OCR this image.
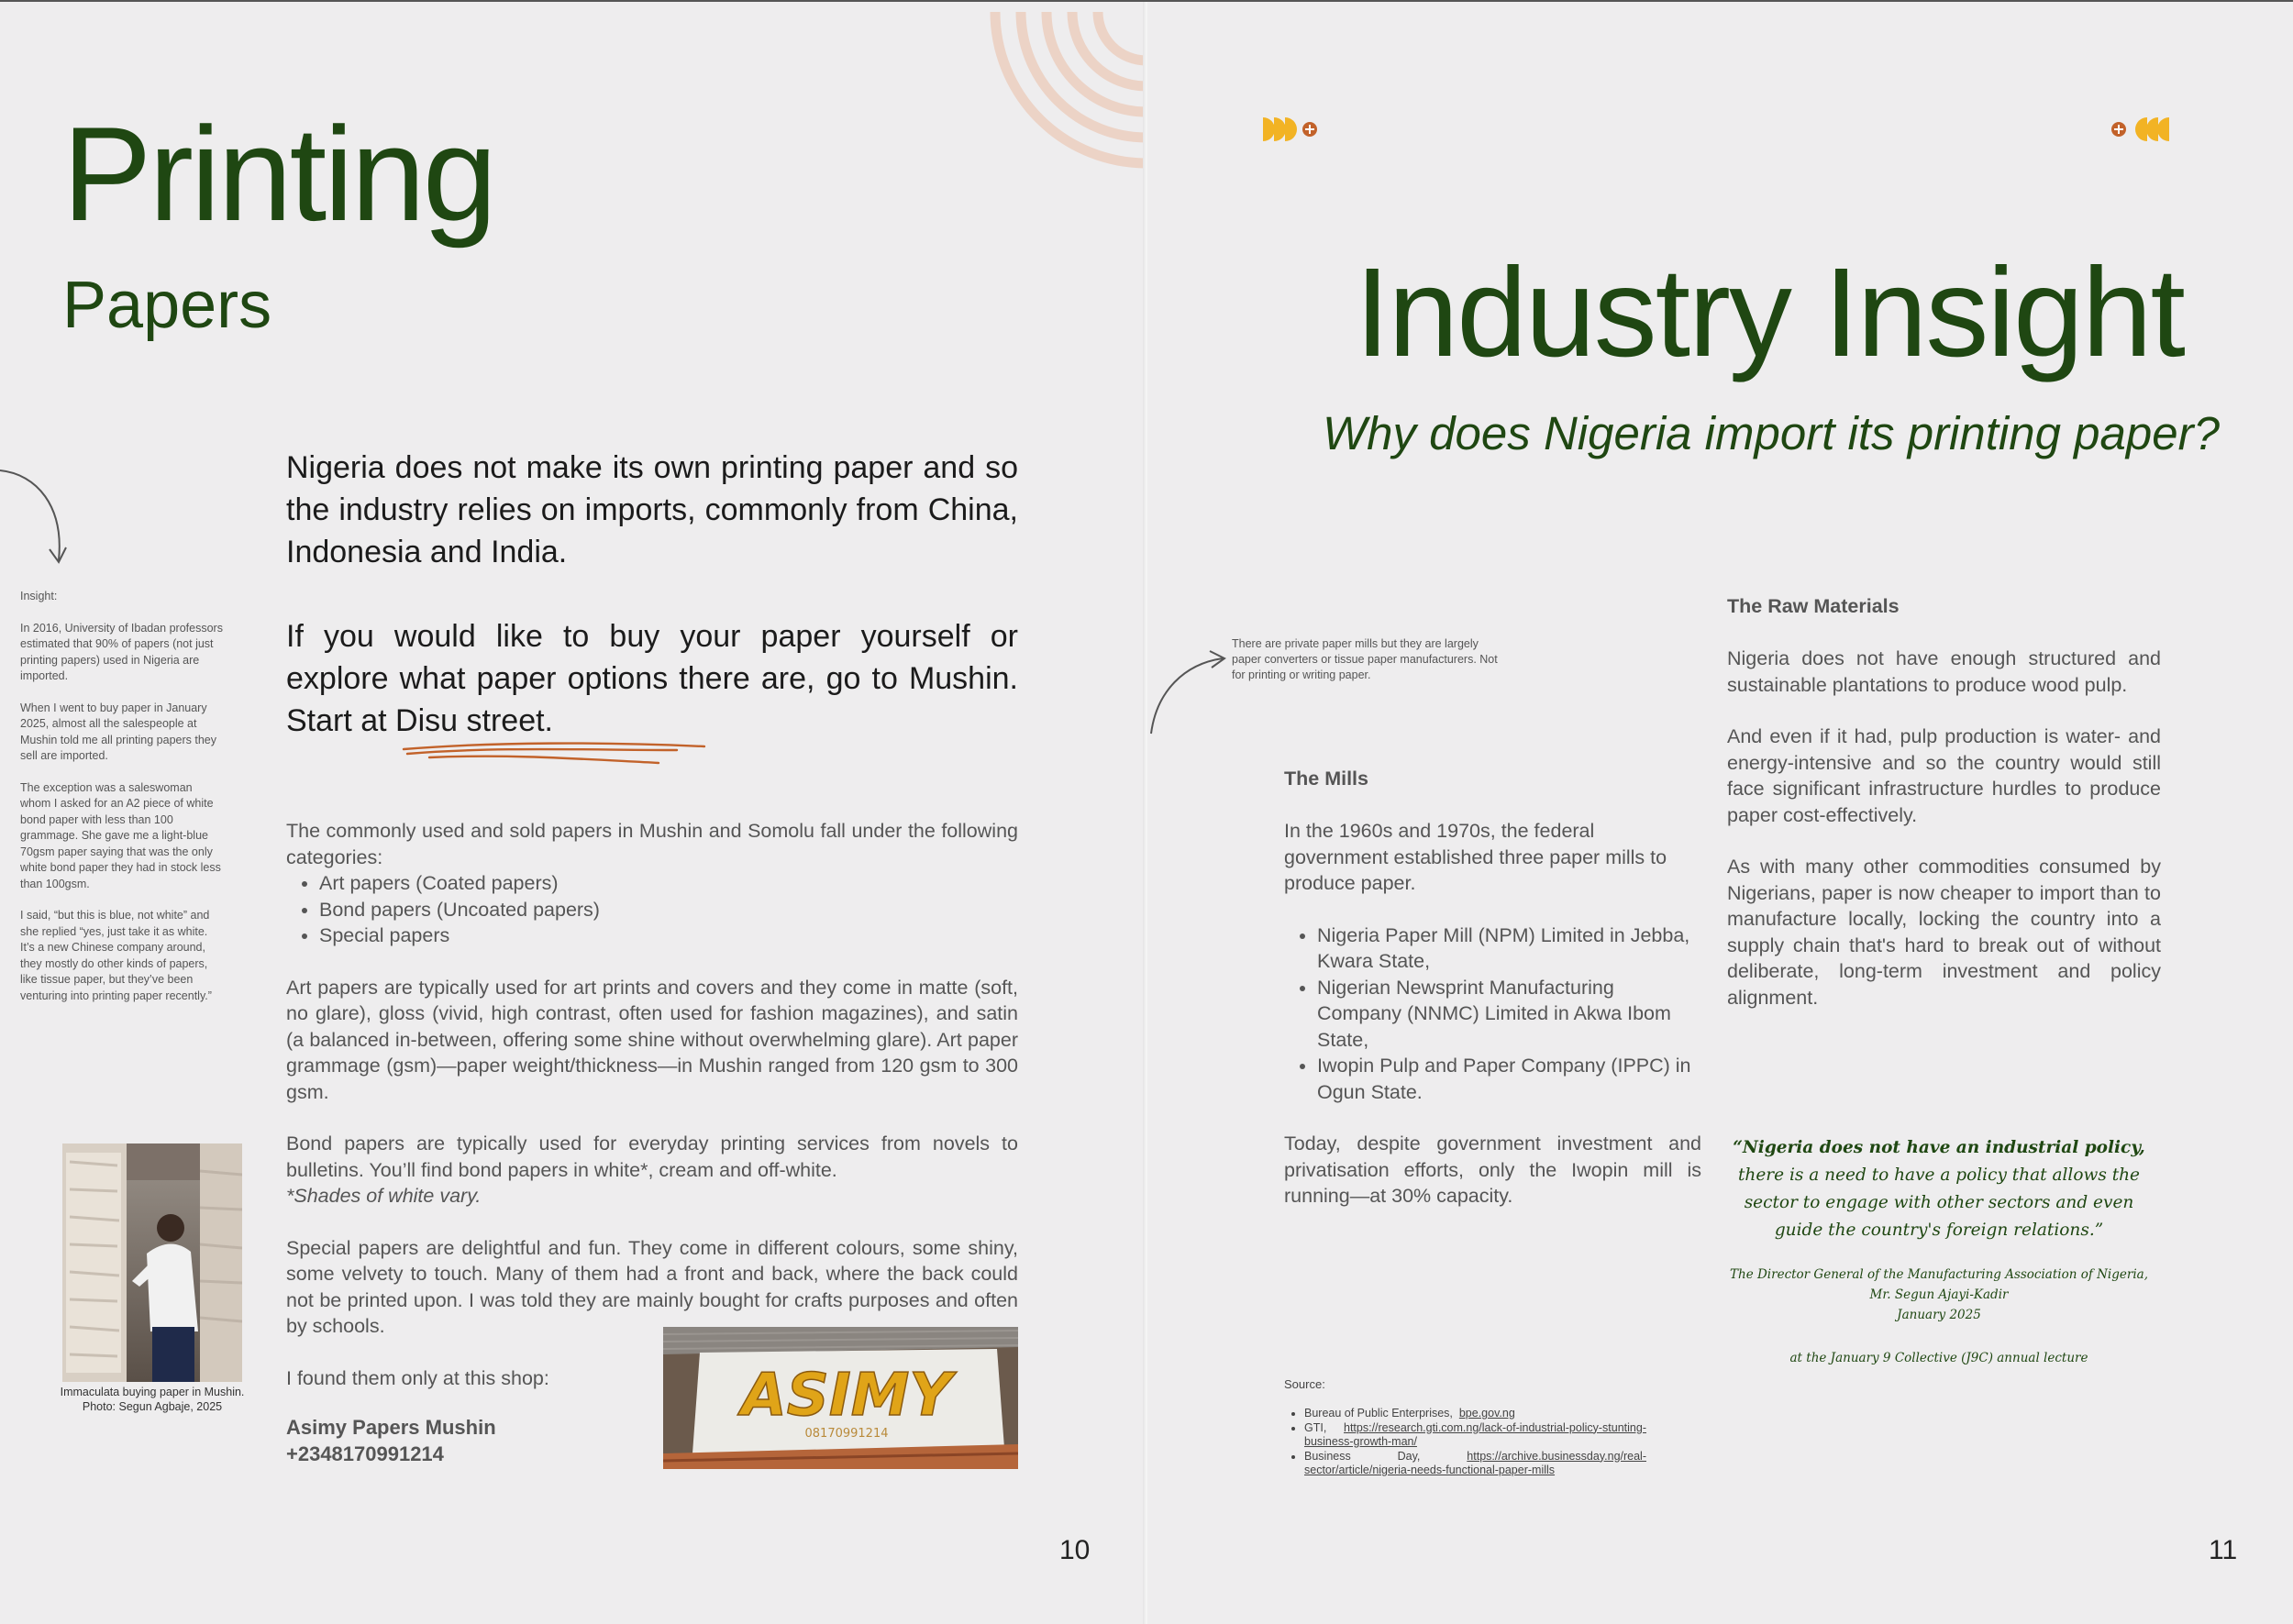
Printing
Papers

Nigeria does not make its own printing paper and so the industry relies on imports, commonly from China, Indonesia and India.

If you would like to buy your paper yourself or explore what paper options there are, go to Mushin. Start at Disu street.

Insight:

In 2016, University of Ibadan professors estimated that 90% of papers (not just printing papers) used in Nigeria are imported.

When I went to buy paper in January 2025, almost all the salespeople at Mushin told me all printing papers they sell are imported.

The exception was a saleswoman whom I asked for an A2 piece of white bond paper with less than 100 grammage. She gave me a light-blue 70gsm paper saying that was the only white bond paper they had in stock less than 100gsm.

I said, “but this is blue, not white” and she replied “yes, just take it as white. It’s a new Chinese company around, they mostly do other kinds of papers, like tissue paper, but they’ve been venturing into printing paper recently.”

The commonly used and sold papers in Mushin and Somolu fall under the following categories:

• Art papers (Coated papers)
• Bond papers (Uncoated papers)
• Special papers

Art papers are typically used for art prints and covers and they come in matte (soft, no glare), gloss (vivid, high contrast, often used for fashion magazines), and satin (a balanced in-between, offering some shine without overwhelming glare). Art paper grammage (gsm)—paper weight/thickness—in Mushin ranged from 120 gsm to 300 gsm.

Bond papers are typically used for everyday printing services from novels to bulletins. You’ll find bond papers in white*, cream and off-white.

*Shades of white vary.

Special papers are delightful and fun. They come in different colours, some shiny, some velvety to touch. Many of them had a front and back, where the back could not be printed upon. I was told they are mainly bought for crafts purposes and often by schools.

I found them only at this shop:

Asimy Papers Mushin
+2348170991214
Immaculata buying paper in Mushin.
Photo: Segun Agbaje, 2025	ASIMY
08170991214
10
Industry Insight
Why does Nigeria import its printing paper?
There are private paper mills but they are largely paper converters or tissue paper manufacturers. Not for printing or writing paper.
The Mills

In the 1960s and 1970s, the federal government established three paper mills to produce paper.

• Nigeria Paper Mill (NPM) Limited in Jebba, Kwara State,
• Nigerian Newsprint Manufacturing Company (NNMC) Limited in Akwa Ibom State,
• Iwopin Pulp and Paper Company (IPPC) in Ogun State.

Today, despite government investment and privatisation efforts, only the Iwopin mill is running—at 30% capacity.

The Raw Materials

Nigeria does not have enough structured and sustainable plantations to produce wood pulp.

And even if it had, pulp production is water- and energy-intensive and so the country would still face significant infrastructure hurdles to produce paper cost-effectively.

As with many other commodities consumed by Nigerians, paper is now cheaper to import than to manufacture locally, locking the country into a supply chain that's hard to break out of without deliberate, long-term investment and policy alignment.

“Nigeria does not have an industrial policy, there is a need to have a policy that allows the sector to engage with other sectors and even guide the country's foreign relations.”
The Director General of the Manufacturing Association of Nigeria,
Mr. Segun Ajayi-Kadir
January 2025
at the January 9 Collective (J9C) annual lecture
Source:
• Bureau of Public Enterprises, bpe.gov.ng
• GTI, https://research.gti.com.ng/lack-of-industrial-policy-stunting-business-growth-man/
• Business Day,	https://archive.businessday.ng/real-sector/article/nigeria-needs-functional-paper-mills
11
